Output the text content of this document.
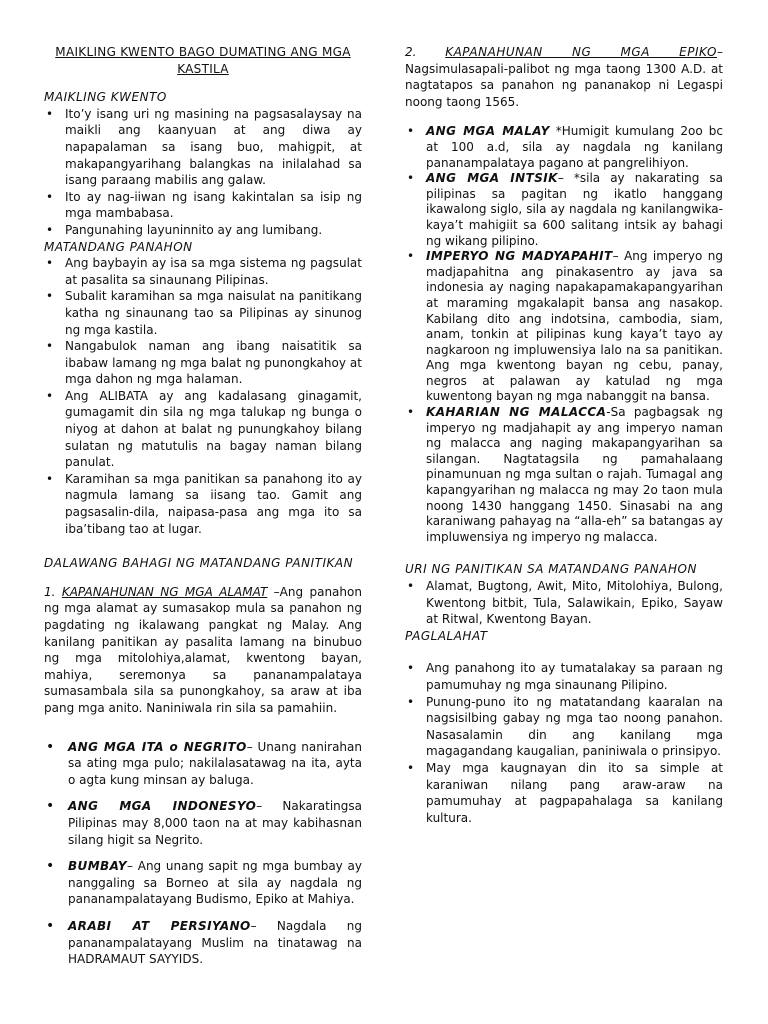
MAIKLING KWENTO BAGO DUMATING ANG MGA
KASTILA
MAIKLING KWENTO
• Ito’y isang uri ng masining na pagsasalaysay na maikli ang kaanyuan at ang diwa ay napapalaman sa isang buo, mahigpit, at makapangyarihang balangkas na inilalahad sa isang paraang mabilis ang galaw.
• Ito ay nag-iiwan ng isang kakintalan sa isip ng mga mambabasa.
• Pangunahing layuninnito ay ang lumibang.
MATANDANG PANAHON
• Ang baybayin ay isa sa mga sistema ng pagsulat at pasalita sa sinaunang Pilipinas.
• Subalit karamihan sa mga naisulat na panitikang katha ng sinaunang tao sa Pilipinas ay sinunog ng mga kastila.
• Nangabulok naman ang ibang naisatitik sa ibabaw lamang ng mga balat ng punongkahoy at mga dahon ng mga halaman.
• Ang ALIBATA ay ang kadalasang ginagamit, gumagamit din sila ng mga talukap ng bunga o niyog at dahon at balat ng punungkahoy bilang sulatan ng matutulis na bagay naman bilang panulat.
• Karamihan sa mga panitikan sa panahong ito ay nagmula lamang sa iisang tao. Gamit ang pagsasalin-dila, naipasa-pasa ang mga ito sa iba’tibang tao at lugar.
DALAWANG BAHAGI NG MATANDANG PANITIKAN

1. KAPANAHUNAN NG MGA ALAMAT –Ang panahon ng mga alamat ay sumasakop mula sa panahon ng pagdating ng ikalawang pangkat ng Malay. Ang kanilang panitikan ay pasalita lamang na binubuo ng mga mitolohiya,alamat, kwentong bayan, mahiya, seremonya sa pananampalataya sumasambala sila sa punongkahoy, sa araw at iba pang mga anito. Naniniwala rin sila sa pamahiin.

• ANG MGA ITA o NEGRITO– Unang nanirahan sa ating mga pulo; nakilalasatawag na ita, ayta o agta kung minsan ay baluga.
• ANG MGA INDONESYO– Nakaratingsa Pilipinas may 8,000 taon na at may kabihasnan silang higit sa Negrito.
• BUMBAY– Ang unang sapit ng mga bumbay ay nanggaling sa Borneo at sila ay nagdala ng pananampalatayang Budismo, Epiko at Mahiya.
• ARABI AT PERSIYANO– Nagdala ng pananampalatayang Muslim na tinatawag na HADRAMAUT SAYYIDS.

2. KAPANAHUNAN NG MGA EPIKO– Nagsimulasapali-palibot ng mga taong 1300 A.D. at nagtatapos sa panahon ng pananakop ni Legaspi noong taong 1565.

• ANG MGA MALAY *Humigit kumulang 2oo bc at 100 a.d, sila ay nagdala ng kanilang pananampalataya pagano at pangrelihiyon.
• ANG MGA INTSIK– *sila ay nakarating sa pilipinas sa pagitan ng ikatlo hanggang ikawalong siglo, sila ay nagdala ng kanilangwika- kaya’t mahigiit sa 600 salitang intsik ay bahagi ng wikang pilipino.
• IMPERYO NG MADYAPAHIT– Ang imperyo ng madjapahitna ang pinakasentro ay java sa indonesia ay naging napakapamakapangyarihan at maraming mgakalapit bansa ang nasakop. Kabilang dito ang indotsina, cambodia, siam, anam, tonkin at pilipinas kung kaya’t tayo ay nagkaroon ng impluwensiya lalo na sa panitikan. Ang mga kwentong bayan ng cebu, panay, negros at palawan ay katulad ng mga kuwentong bayan ng mga nabanggit na bansa.
• KAHARIAN NG MALACCA-Sa pagbagsak ng imperyo ng madjahapit ay ang imperyo naman ng malacca ang naging makapangyarihan sa silangan. Nagtatagsila ng pamahalaang pinamunuan ng mga sultan o rajah. Tumagal ang kapangyarihan ng malacca ng may 2o taon mula noong 1430 hanggang 1450. Sinasabi na ang karaniwang pahayag na “alla-eh” sa batangas ay impluwensiya ng imperyo ng malacca.
URI NG PANITIKAN SA MATANDANG PANAHON
• Alamat, Bugtong, Awit, Mito, Mitolohiya, Bulong, Kwentong bitbit, Tula, Salawikain, Epiko, Sayaw at Ritwal, Kwentong Bayan.
PAGLALAHAT
• Ang panahong ito ay tumatalakay sa paraan ng pamumuhay ng mga sinaunang Pilipino.
• Punung-puno ito ng matatandang kaaralan na nagsisilbing gabay ng mga tao noong panahon. Nasasalamin din ang kanilang mga magagandang kaugalian, paniniwala o prinsipyo.
• May mga kaugnayan din ito sa simple at karaniwan nilang pang araw-araw na pamumuhay at pagpapahalaga sa kanilang kultura.
